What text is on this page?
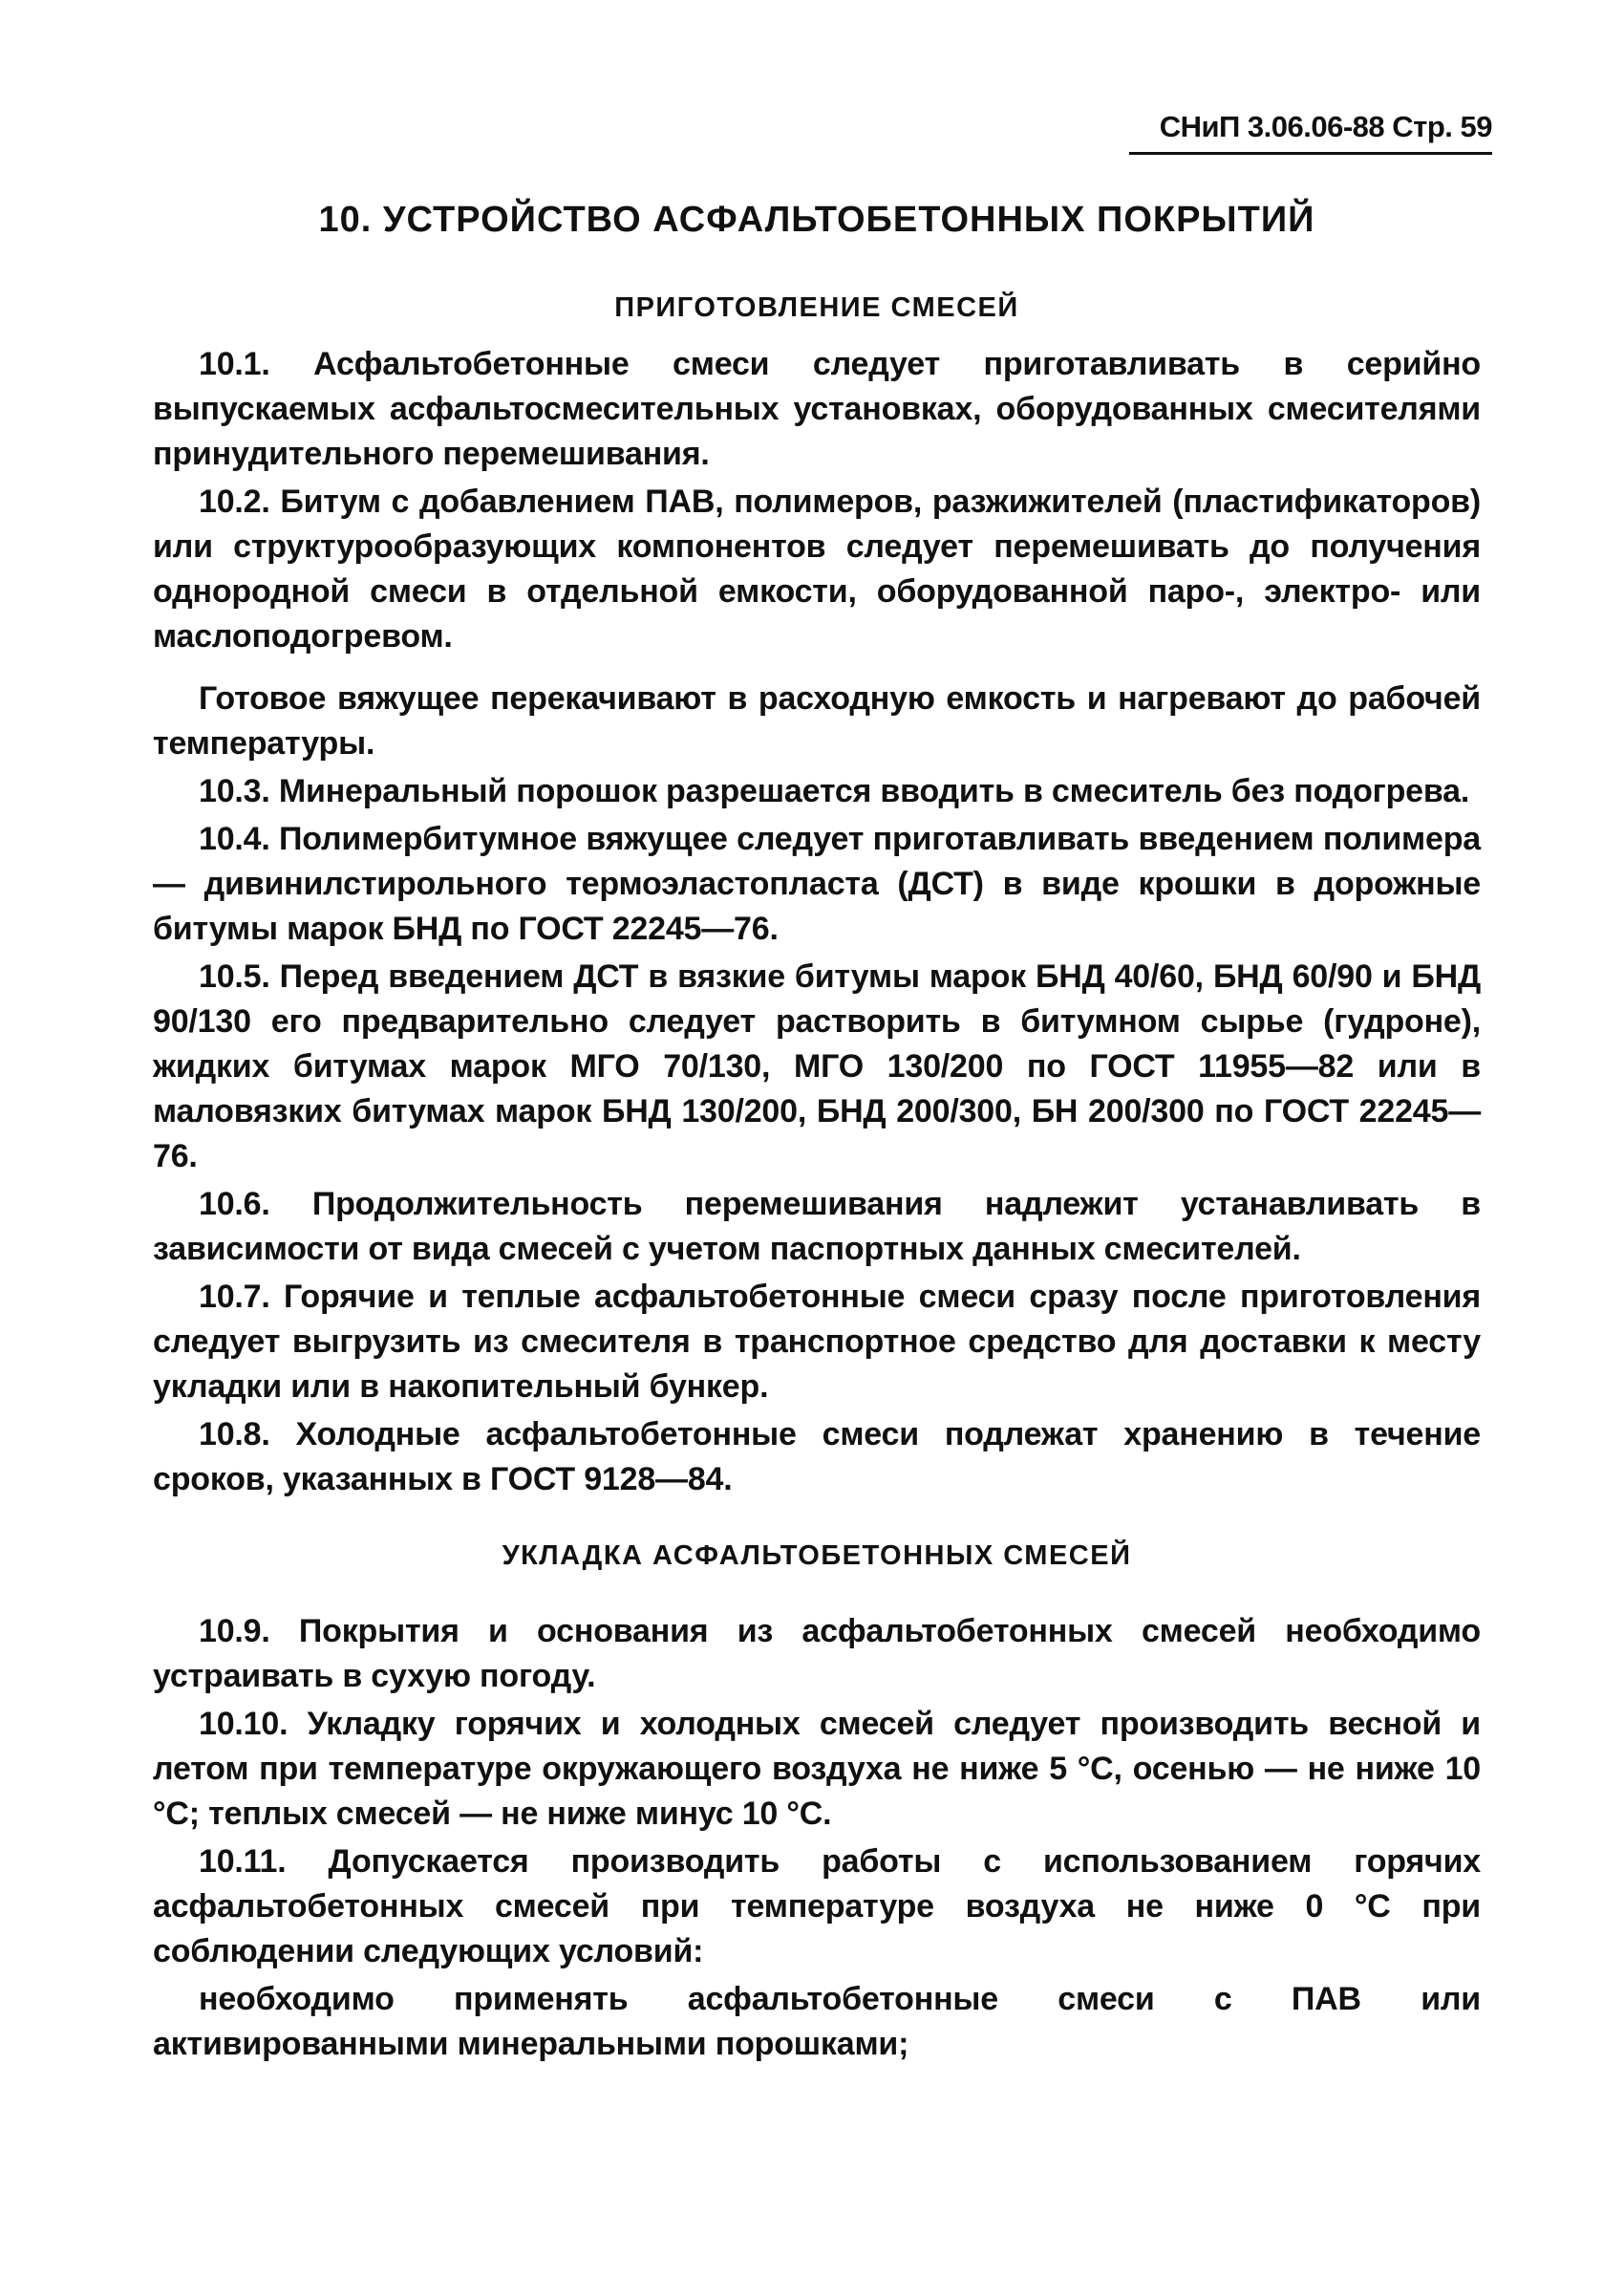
СНиП 3.06.06-88 Стр. 59
10. УСТРОЙСТВО АСФАЛЬТОБЕТОННЫХ ПОКРЫТИЙ
ПРИГОТОВЛЕНИЕ СМЕСЕЙ

10.1. Асфальтобетонные смеси следует приготавливать в серийно выпускаемых асфальтосмесительных установках, оборудованных смесителями принудительного перемешивания.

10.2. Битум с добавлением ПАВ, полимеров, разжижителей (пластификаторов) или структурообразующих компонентов следует перемешивать до получения однородной смеси в отдельной емкости, оборудованной паро-, электро- или маслоподогревом.

Готовое вяжущее перекачивают в расходную емкость и нагревают до рабочей температуры.

10.3. Минеральный порошок разрешается вводить в смеситель без подогрева.

10.4. Полимербитумное вяжущее следует приготавливать введением полимера — дивинилстирольного термоэластопласта (ДСТ) в виде крошки в дорожные битумы марок БНД по ГОСТ 22245—76.

10.5. Перед введением ДСТ в вязкие битумы марок БНД 40/60, БНД 60/90 и БНД 90/130 его предварительно следует растворить в битумном сырье (гудроне), жидких битумах марок МГО 70/130, МГО 130/200 по ГОСТ 11955—82 или в маловязких битумах марок БНД 130/200, БНД 200/300, БН 200/300 по ГОСТ 22245—76.

10.6. Продолжительность перемешивания надлежит устанавливать в зависимости от вида смесей с учетом паспортных данных смесителей.

10.7. Горячие и теплые асфальтобетонные смеси сразу после приготовления следует выгрузить из смесителя в транспортное средство для доставки к месту укладки или в накопительный бункер.

10.8. Холодные асфальтобетонные смеси подлежат хранению в течение сроков, указанных в ГОСТ 9128—84.

УКЛАДКА АСФАЛЬТОБЕТОННЫХ СМЕСЕЙ

10.9. Покрытия и основания из асфальтобетонных смесей необходимо устраивать в сухую погоду.

10.10. Укладку горячих и холодных смесей следует производить весной и летом при температуре окружающего воздуха не ниже 5 °С, осенью — не ниже 10 °С; теплых смесей — не ниже минус 10 °С.

10.11. Допускается производить работы с использованием горячих асфальтобетонных смесей при температуре воздуха не ниже 0 °С при соблюдении следующих условий:

необходимо применять асфальтобетонные смеси с ПАВ или активированными минеральными порошками;
